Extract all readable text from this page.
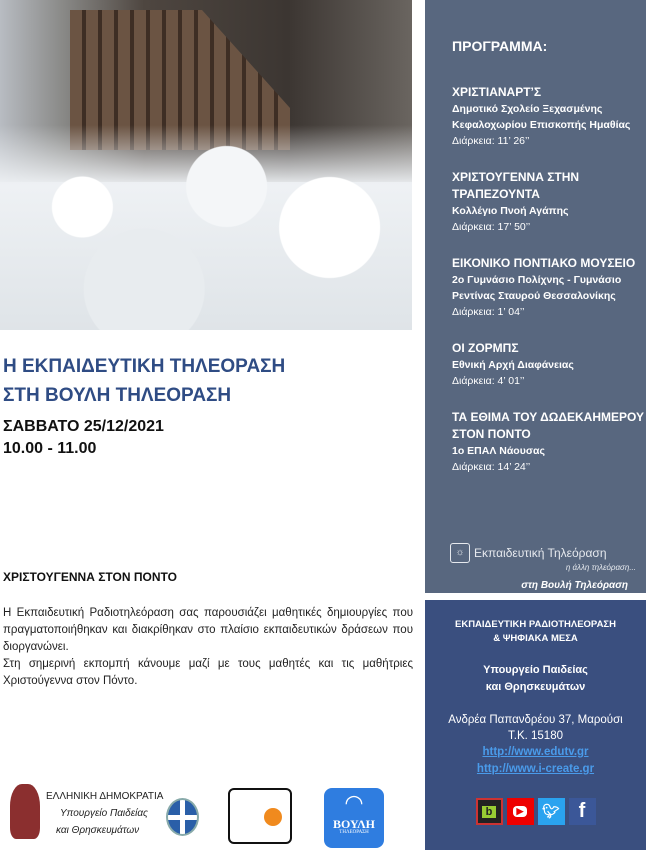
ΠΡΟΓΡΑΜΜΑ:
ΧΡΙΣΤΙΑΝΑΡΤ’Σ
Δημοτικό Σχολείο Ξεχασμένης Κεφαλοχωρίου Επισκοπής Ημαθίας
Διάρκεια: 11’ 26’’
ΧΡΙΣΤΟΥΓΕΝΝΑ ΣΤΗΝ ΤΡΑΠΕΖΟΥΝΤΑ
Κολλέγιο Πνοή Αγάπης
Διάρκεια: 17’ 50’’
ΕΙΚΟΝΙΚΟ ΠΟΝΤΙΑΚΟ ΜΟΥΣΕΙΟ
2ο Γυμνάσιο Πολίχνης - Γυμνάσιο Ρεντίνας Σταυρού Θεσσαλονίκης
Διάρκεια: 1’ 04’’
ΟΙ ΖΟΡΜΠΣ
Εθνική Αρχή Διαφάνειας
Διάρκεια: 4’ 01’’
ΤΑ ΕΘΙΜΑ ΤΟΥ ΔΩΔΕΚΑΗΜΕΡΟΥ ΣΤΟΝ ΠΟΝΤΟ
1ο ΕΠΑΛ Νάουσας
Διάρκεια: 14’ 24’’
☼ Εκπαιδευτική Τηλεόραση
η άλλη τηλεόραση...
στη Βουλή Τηλεόραση
Η ΕΚΠΑΙΔΕΥΤΙΚΗ ΤΗΛΕΟΡΑΣΗ
ΣΤΗ ΒΟΥΛΗ ΤΗΛΕΟΡΑΣΗ
ΣΑΒΒΑΤΟ 25/12/2021
10.00 - 11.00
ΧΡΙΣΤΟΥΓΕΝΝΑ ΣΤΟΝ ΠΟΝΤΟ

Η Εκπαιδευτική Ραδιοτηλεόραση σας παρουσιάζει μαθητικές δημιουργίες που πραγματοποιήθηκαν και διακρίθηκαν στο πλαίσιο εκπαιδευτικών δράσεων που διοργανώνει.

Στη σημερινή εκπομπή κάνουμε μαζί με τους μαθητές και τις μαθήτριες Χριστούγεννα στον Πόντο.

ΕΛΛΗΝΙΚΗ ΔΗΜΟΚΡΑΤΙΑ
Υπουργείο Παιδείας
και Θρησκευμάτων
◠
ΒΟΥΛΗ
ΤΗΛΕΟΡΑΣΗ
ΕΚΠΑΙΔΕΥΤΙΚΗ ΡΑΔΙΟΤΗΛΕΟΡΑΣΗ
& ΨΗΦΙΑΚΑ ΜΕΣΑ
Υπουργείο Παιδείας
και Θρησκευμάτων
Ανδρέα Παπανδρέου 37, Μαρούσι
Τ.Κ. 15180
http://www.edutv.gr
http://www.i-create.gr
b	▶	🐦︎ f
